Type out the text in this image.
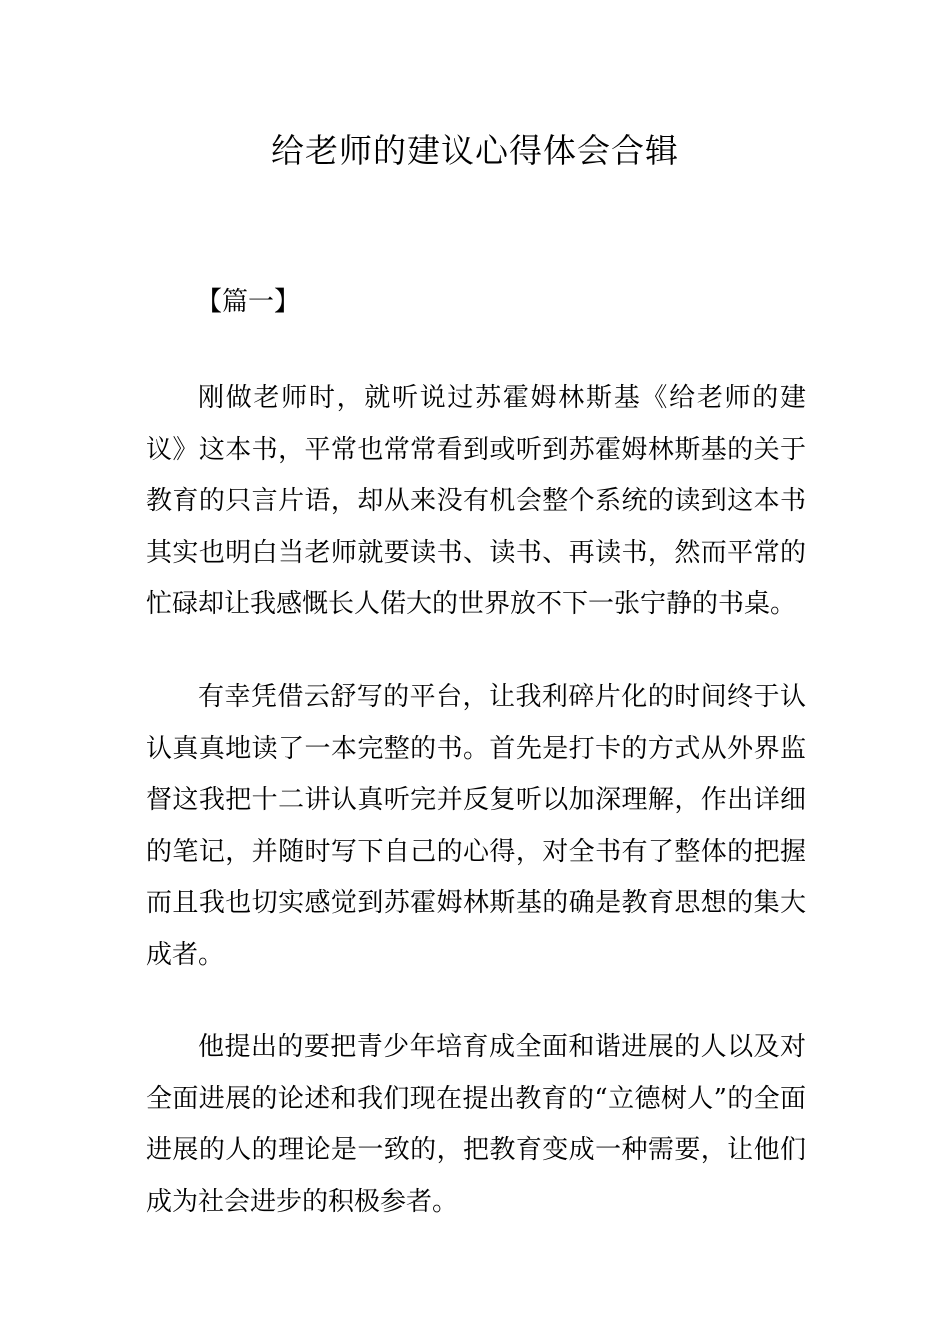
给老师的建议心得体会合辑

【篇一】

刚做老师时，就听说过苏霍姆林斯基《给老师的建议》这本书，平常也常常看到或听到苏霍姆林斯基的关于教育的只言片语，却从来没有机会整个系统的读到这本书其实也明白当老师就要读书、读书、再读书，然而平常的忙碌却让我感慨长人偌大的世界放不下一张宁静的书桌。

有幸凭借云舒写的平台，让我利碎片化的时间终于认认真真地读了一本完整的书。首先是打卡的方式从外界监督这我把十二讲认真听完并反复听以加深理解，作出详细的笔记，并随时写下自己的心得，对全书有了整体的把握而且我也切实感觉到苏霍姆林斯基的确是教育思想的集大成者。

他提出的要把青少年培育成全面和谐进展的人以及对全面进展的论述和我们现在提出教育的“立德树人”的全面进展的人的理论是一致的，把教育变成一种需要，让他们成为社会进步的积极参者。
